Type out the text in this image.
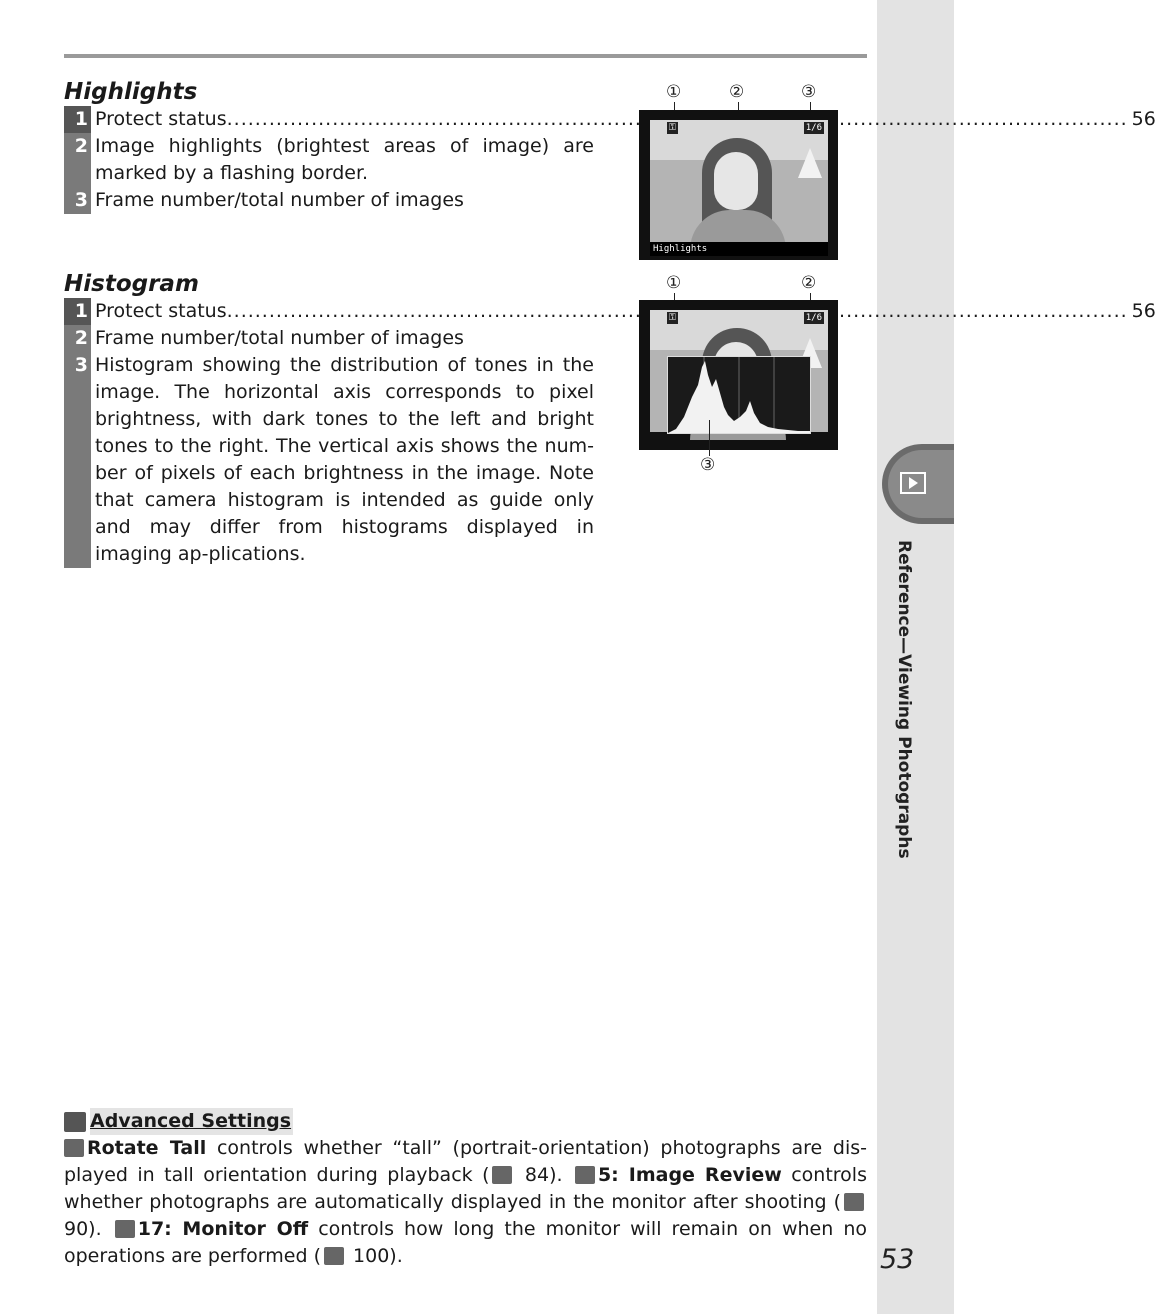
Reference—Viewing Photographs
53
Highlights
1 Protect status .....	56
2 Image highlights (brightest areas of image) are marked by a flashing border.
3 Frame number/total number of images
①	②	③
⚿	1/6
Highlights
Histogram
1 Protect status .....	56
2 Frame number/total number of images
3 Histogram showing the distribution of tones in the image. The horizontal axis corresponds to pixel brightness, with dark tones to the left and bright tones to the right. The vertical axis shows the num-ber of pixels of each brightness in the image. Note that camera histogram is intended as guide only and may differ from histograms displayed in imaging ap-plications.
①	②
⚿	1/6
③
Advanced Settings

Rotate Tall controls whether “tall” (portrait-orientation) photographs are dis-played in tall orientation during playback ( 84). 5: Image Review controls whether photographs are automatically displayed in the monitor after shooting ( 90). 17: Monitor Off controls how long the monitor will remain on when no operations are performed ( 100).
